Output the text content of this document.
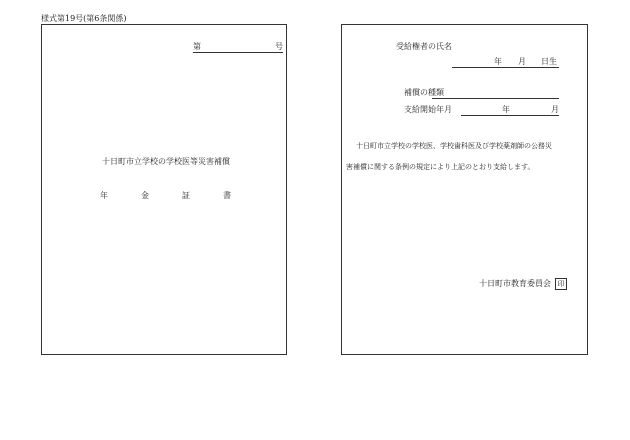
様式第19号(第6条関係)
第	号
十日町市立学校の学校医等災害補償
年	金	証	書
受給権者の氏名
年 月 日生
補償の種類
支給開始年月	年	月
十日町市立学校の学校医、学校歯科医及び学校薬剤師の公務災
害補償に関する条例の規定により上記のとおり支給します。
十日町市教育委員会 印
